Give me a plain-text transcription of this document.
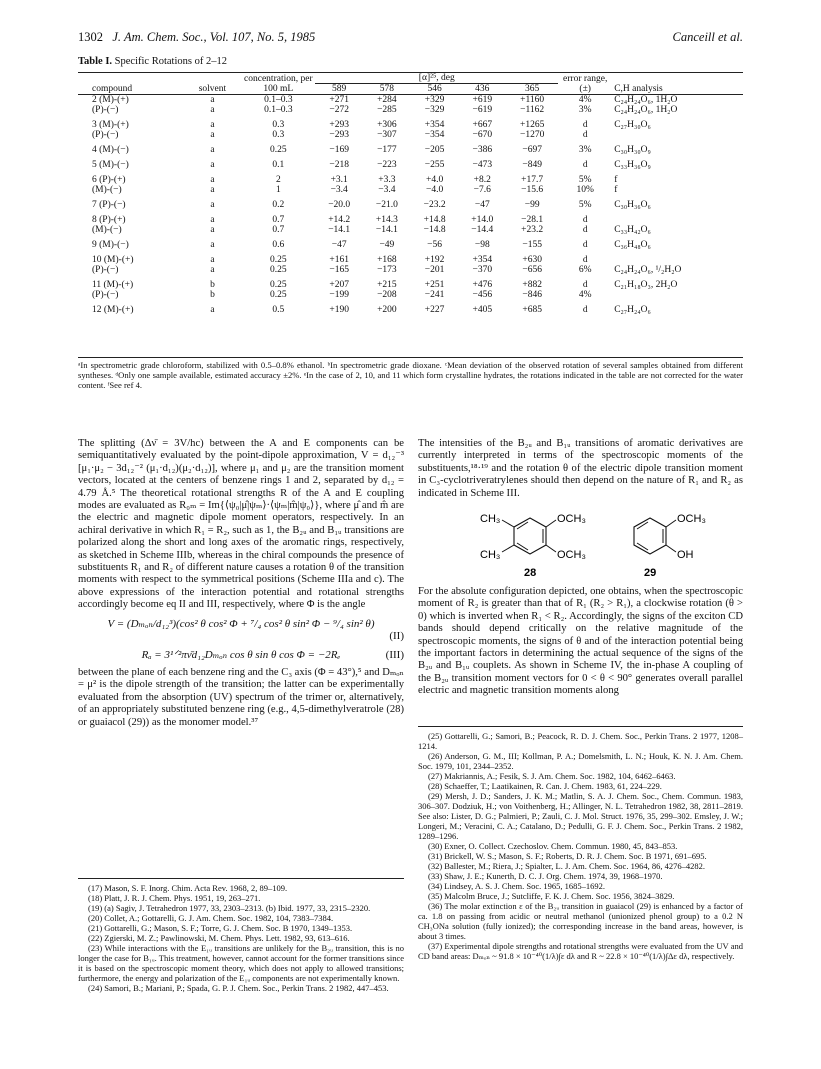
1302 J. Am. Chem. Soc., Vol. 107, No. 5, 1985	Canceill et al.
Table I. Specific Rotations of 2–12
compound	solvent	concentration, per 100 mL	[α]²⁵, deg					error range, (±)	C,H analysis
			589	578	546	436	365		
2 (M)-(+)	a	0.1–0.3	+271	+284	+329	+619	+1160	4%	C₂₄H₂₄O₆, 1H₂O
(P)-(−)	a	0.1–0.3	−272	−285	−329	−619	−1162	3%	C₂₄H₂₄O₆, 1H₂O
3 (M)-(+)	a	0.3	+293	+306	+354	+667	+1265	d	C₂₇H₃₀O₆
(P)-(−)	a	0.3	−293	−307	−354	−670	−1270	d	
4 (M)-(−)	a	0.25	−169	−177	−205	−386	−697	3%	C₃₀H₃₀O₉
5 (M)-(−)	a	0.1	−218	−223	−255	−473	−849	d	C₃₃H₃₆O₉
6 (P)-(+)	a	2	+3.1	+3.3	+4.0	+8.2	+17.7	5%	f
(M)-(−)	a	1	−3.4	−3.4	−4.0	−7.6	−15.6	10%	f
7 (P)-(−)	a	0.2	−20.0	−21.0	−23.2	−47	−99	5%	C₃₀H₃₆O₆
8 (P)-(+)	a	0.7	+14.2	+14.3	+14.8	+14.0	−28.1	d	
(M)-(−)	a	0.7	−14.1	−14.1	−14.8	−14.4	+23.2	d	C₃₃H₄₂O₆
9 (M)-(−)	a	0.6	−47	−49	−56	−98	−155	d	C₃₆H₄₈O₆
10 (M)-(+)	a	0.25	+161	+168	+192	+354	+630	d	
(P)-(−)	a	0.25	−165	−173	−201	−370	−656	6%	C₂₄H₂₄O₆, ¹/₂H₂O
11 (M)-(+)	b	0.25	+207	+215	+251	+476	+882	d	C₂₁H₁₈O₃, 2H₂O
(P)-(−)	b	0.25	−199	−208	−241	−456	−846	4%	
12 (M)-(+)	a	0.5	+190	+200	+227	+405	+685	d	C₂₇H₂₄O₆
ᵃIn spectrometric grade chloroform, stabilized with 0.5–0.8% ethanol. ᵇIn spectrometric grade dioxane. ᶜMean deviation of the observed rotation of several samples obtained from different syntheses. ᵈOnly one sample available, estimated accuracy ±2%. ᵉIn the case of 2, 10, and 11 which form crystalline hydrates, the rotations indicated in the table are not corrected for the water content. ᶠSee ref 4.

The splitting (Δν̄ = 3V/hc) between the A and E components can be semiquantitatively evaluated by the point-dipole approximation, V = d₁₂⁻³ [μ₁·μ₂ − 3d₁₂⁻² (μ₁·d₁₂)(μ₂·d₁₂)], where μ₁ and μ₂ are the transition moment vectors, located at the centers of benzene rings 1 and 2, separated by d₁₂ = 4.79 Å.⁵ The theoretical rotational strengths R of the A and E coupling modes are evaluated as R₀ₘ = Im{⟨ψ₀|μ̂|ψₘ⟩·⟨ψₘ|m̂|ψ₀⟩}, where μ̂ and m̂ are the electric and magnetic dipole moment operators, respectively. In an achiral derivative in which R₁ = R₂, such as 1, the B₂ᵤ and B₁ᵤ transitions are polarized along the short and long axes of the aromatic rings, respectively, as sketched in Scheme IIIb, whereas in the chiral compounds the presence of substituents R₁ and R₂ of different nature causes a rotation θ of the transition moments with respect to the symmetrical positions (Scheme IIIa and c). The above expressions of the interaction potential and rotational strengths accordingly become eq II and III, respectively, where Φ is the angle

V = (Dₘₒₙ/d₁₂³)(cos² θ cos² Φ + ⁷/₄ cos² θ sin² Φ − ⁹/₄ sin² θ)

(II)

Rₐ = 3¹ᐟ²πν̄d₁₂Dₘₒₙ cos θ sin θ cos Φ = −2Rₑ	(III)

between the plane of each benzene ring and the C₃ axis (Φ = 43°),⁵ and Dₘₒₙ = μ² is the dipole strength of the transition; the latter can be experimentally evaluated from the absorption (UV) spectrum of the trimer or, alternatively, of an appropriately substituted benzene ring (e.g., 4,5-dimethylveratrole (28) or guaiacol (29)) as the monomer model.³⁷

(17) Mason, S. F. Inorg. Chim. Acta Rev. 1968, 2, 89–109.
(18) Platt, J. R. J. Chem. Phys. 1951, 19, 263–271.
(19) (a) Sagiv, J. Tetrahedron 1977, 33, 2303–2313. (b) Ibid. 1977, 33, 2315–2320.
(20) Collet, A.; Gottarelli, G. J. Am. Chem. Soc. 1982, 104, 7383–7384.
(21) Gottarelli, G.; Mason, S. F.; Torre, G. J. Chem. Soc. B 1970, 1349–1353.
(22) Zgierski, M. Z.; Pawlinowski, M. Chem. Phys. Lett. 1982, 93, 613–616.
(23) While interactions with the E₁ᵤ transitions are unlikely for the B₂ᵤ transition, this is no longer the case for B₁ᵤ. This treatment, however, cannot account for the former transitions since it is based on the spectroscopic moment theory, which does not apply to allowed transitions; furthermore, the energy and polarization of the E₁ᵤ components are not experimentally known.
(24) Samori, B.; Mariani, P.; Spada, G. P. J. Chem. Soc., Perkin Trans. 2 1982, 447–453.

The intensities of the B₂ᵤ and B₁ᵤ transitions of aromatic derivatives are currently interpreted in terms of the spectroscopic moments of the substituents,¹⁸·¹⁹ and the rotation θ of the electric dipole transition moment in C₃-cyclotriveratrylenes should then depend on the nature of R₁ and R₂ as indicated in Scheme III.

CH₃
CH₃
OCH₃
OCH₃
28
OCH₃
OH
29

For the absolute configuration depicted, one obtains, when the spectroscopic moment of R₂ is greater than that of R₁ (R₂ > R₁), a clockwise rotation (θ > 0) which is inverted when R₁ < R₂. Accordingly, the signs of the exciton CD bands should depend critically on the relative magnitude of the spectroscopic moments, the signs of θ and of the interaction potential being the important factors in determining the actual sequence of the signs of the B₂ᵤ and B₁ᵤ couplets. As shown in Scheme IV, the in-phase A coupling of the B₂ᵤ transition moment vectors for 0 < θ < 90° generates overall parallel electric and magnetic transition moments along

(25) Gottarelli, G.; Samori, B.; Peacock, R. D. J. Chem. Soc., Perkin Trans. 2 1977, 1208–1214.
(26) Anderson, G. M., III; Kollman, P. A.; Domelsmith, L. N.; Houk, K. N. J. Am. Chem. Soc. 1979, 101, 2344–2352.
(27) Makriannis, A.; Fesik, S. J. Am. Chem. Soc. 1982, 104, 6462–6463.
(28) Schaeffer, T.; Laatikainen, R. Can. J. Chem. 1983, 61, 224–229.
(29) Mersh, J. D.; Sanders, J. K. M.; Matlin, S. A. J. Chem. Soc., Chem. Commun. 1983, 306–307. Dodziuk, H.; von Voithenberg, H.; Allinger, N. L. Tetrahedron 1982, 38, 2811–2819. See also: Lister, D. G.; Palmieri, P.; Zauli, C. J. Mol. Struct. 1976, 35, 299–302. Emsley, J. W.; Longeri, M.; Veracini, C. A.; Catalano, D.; Pedulli, G. F. J. Chem. Soc., Perkin Trans. 2 1982, 1289–1296.
(30) Exner, O. Collect. Czechoslov. Chem. Commun. 1980, 45, 843–853.
(31) Brickell, W. S.; Mason, S. F.; Roberts, D. R. J. Chem. Soc. B 1971, 691–695.
(32) Ballester, M.; Riera, J.; Spialter, L. J. Am. Chem. Soc. 1964, 86, 4276–4282.
(33) Shaw, J. E.; Kunerth, D. C. J. Org. Chem. 1974, 39, 1968–1970.
(34) Lindsey, A. S. J. Chem. Soc. 1965, 1685–1692.
(35) Malcolm Bruce, J.; Sutcliffe, F. K. J. Chem. Soc. 1956, 3824–3829.
(36) The molar extinction ε of the B₂ᵤ transition in guaiacol (29) is enhanced by a factor of ca. 1.8 on passing from acidic or neutral methanol (unionized phenol group) to a 0.2 N CH₃ONa solution (fully ionized); the corresponding increase in the band areas, however, is about 3 times.
(37) Experimental dipole strengths and rotational strengths were evaluated from the UV and CD band areas: Dₘₒₙ ~ 91.8 × 10⁻⁴⁰(1/λ)∫ε dλ and R ~ 22.8 × 10⁻⁴⁰(1/λ)∫Δε dλ, respectively.
